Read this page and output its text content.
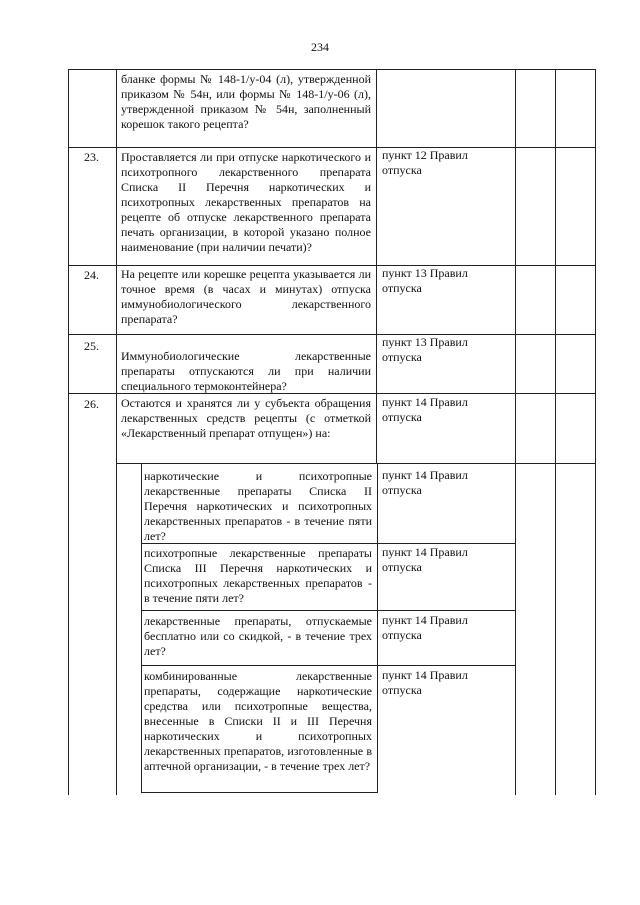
234
бланке формы № 148-1/у-04 (л), утвержденной приказом № 54н, или формы № 148-1/у-06 (л), утвержденной приказом № 54н, заполненный корешок такого рецепта?
23. Проставляется ли при отпуске наркотического и психотропного лекарственного препарата Списка II Перечня наркотических и психотропных лекарственных препаратов на рецепте об отпуске лекарственного препарата печать организации, в которой указано полное наименование (при наличии печати)?
пункт 12 Правил отпуска
24. На рецепте или корешке рецепта указывается ли точное время (в часах и минутах) отпуска иммунобиологического лекарственного препарата?
пункт 13 Правил отпуска
25.
Иммунобиологические лекарственные препараты отпускаются ли при наличии специального термоконтейнера?
пункт 13 Правил отпуска
26. Остаются и хранятся ли у субъекта обращения лекарственных средств рецепты (с отметкой «Лекарственный препарат отпущен») на:
пункт 14 Правил отпуска
наркотические и психотропные лекарственные препараты Списка II Перечня наркотических и психотропных лекарственных препаратов - в течение пяти лет?
пункт 14 Правил отпуска
психотропные лекарственные препараты Списка III Перечня наркотических и психотропных лекарственных препаратов - в течение пяти лет?
пункт 14 Правил отпуска
лекарственные препараты, отпускаемые бесплатно или со скидкой, - в течение трех лет?
пункт 14 Правил отпуска
комбинированные лекарственные препараты, содержащие наркотические средства или психотропные вещества, внесенные в Списки II и III Перечня наркотических и психотропных лекарственных препаратов, изготовленные в аптечной организации, - в течение трех лет?
пункт 14 Правил отпуска
